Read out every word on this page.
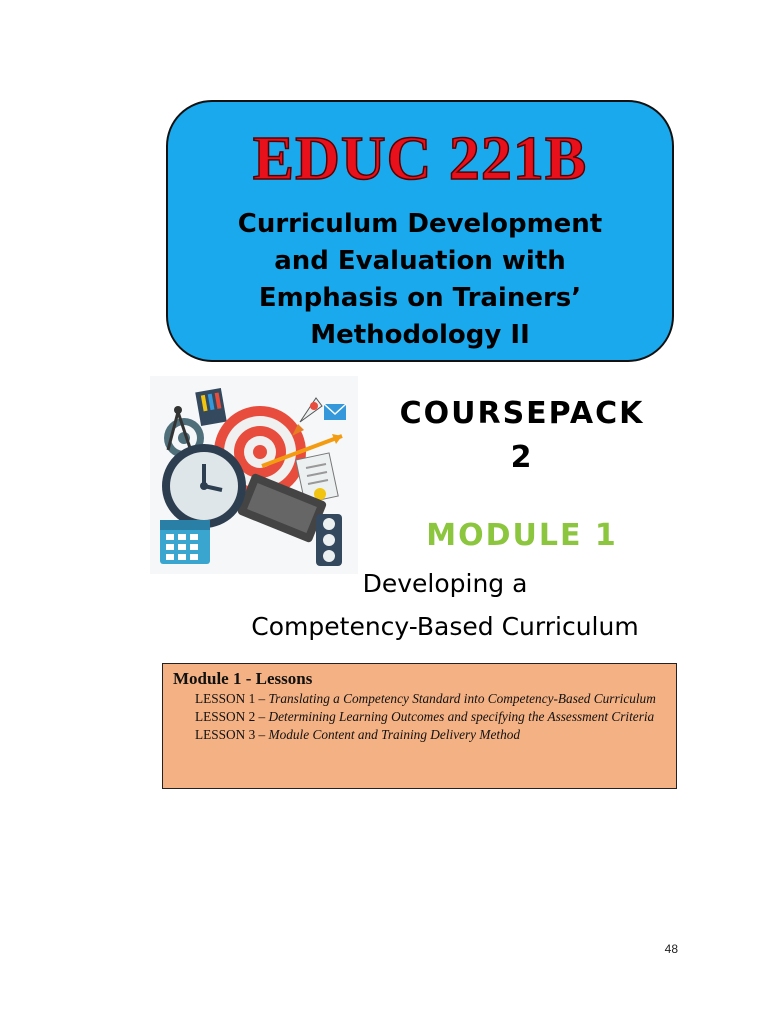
EDUC 221B
Curriculum Development
and Evaluation with
Emphasis on Trainers’
Methodology II
COURSEPACK
2
MODULE 1
Developing a
Competency-Based Curriculum
Module 1 - Lessons
LESSON 1 – Translating a Competency Standard into Competency-Based Curriculum
LESSON 2 – Determining Learning Outcomes and specifying the Assessment Criteria
LESSON 3 – Module Content and Training Delivery Method
48
